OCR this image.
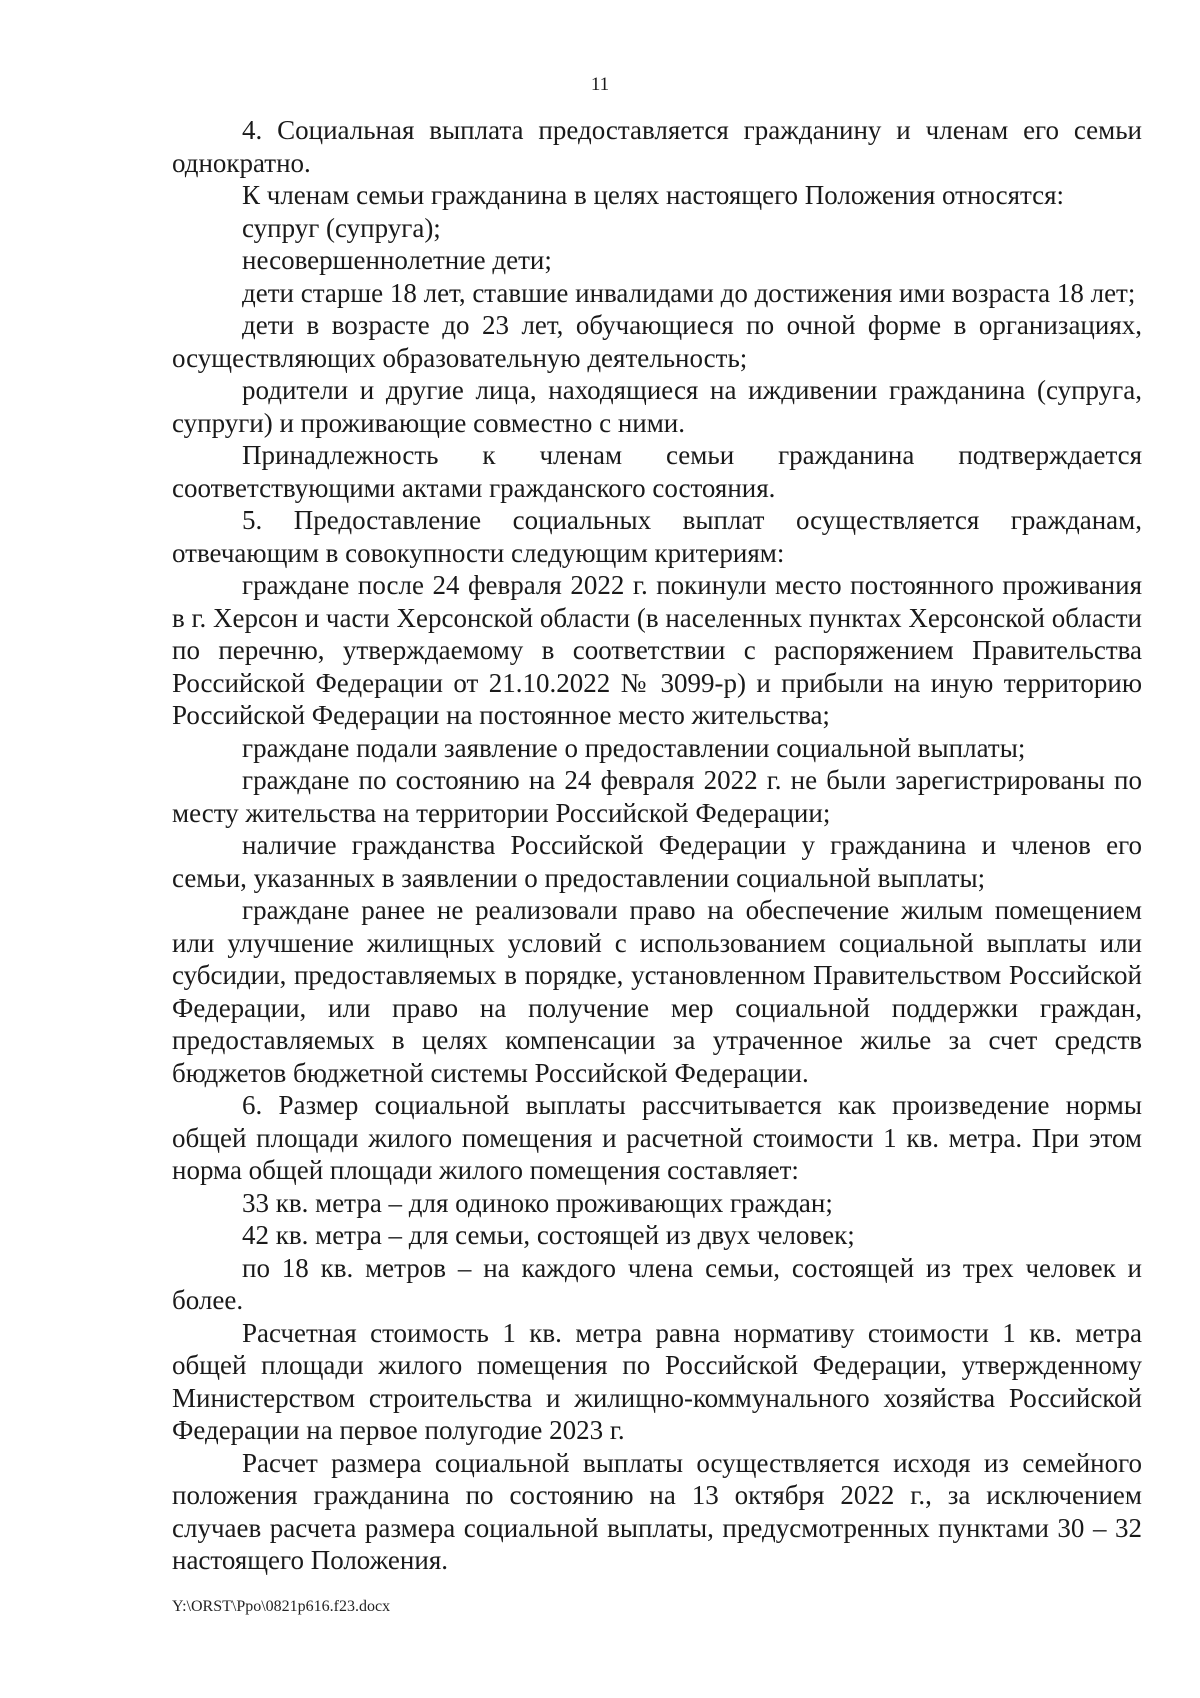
11

4. Социальная выплата предоставляется гражданину и членам его семьи однократно.

К членам семьи гражданина в целях настоящего Положения относятся:

супруг (супруга);

несовершеннолетние дети;

дети старше 18 лет, ставшие инвалидами до достижения ими возраста 18 лет;

дети в возрасте до 23 лет, обучающиеся по очной форме в организациях, осуществляющих образовательную деятельность;

родители и другие лица, находящиеся на иждивении гражданина (супруга, супруги) и проживающие совместно с ними.

Принадлежность к членам семьи гражданина подтверждается соответствующими актами гражданского состояния.

5. Предоставление социальных выплат осуществляется гражданам, отвечающим в совокупности следующим критериям:

граждане после 24 февраля 2022 г. покинули место постоянного проживания в г. Херсон и части Херсонской области (в населенных пунктах Херсонской области по перечню, утверждаемому в соответствии с распоряжением Правительства Российской Федерации от 21.10.2022 № 3099-р) и прибыли на иную территорию Российской Федерации на постоянное место жительства;

граждане подали заявление о предоставлении социальной выплаты;

граждане по состоянию на 24 февраля 2022 г. не были зарегистрированы по месту жительства на территории Российской Федерации;

наличие гражданства Российской Федерации у гражданина и членов его семьи, указанных в заявлении о предоставлении социальной выплаты;

граждане ранее не реализовали право на обеспечение жилым помещением или улучшение жилищных условий с использованием социальной выплаты или субсидии, предоставляемых в порядке, установленном Правительством Российской Федерации, или право на получение мер социальной поддержки граждан, предоставляемых в целях компенсации за утраченное жилье за счет средств бюджетов бюджетной системы Российской Федерации.

6. Размер социальной выплаты рассчитывается как произведение нормы общей площади жилого помещения и расчетной стоимости 1 кв. метра. При этом норма общей площади жилого помещения составляет:

33 кв. метра – для одиноко проживающих граждан;

42 кв. метра – для семьи, состоящей из двух человек;

по 18 кв. метров – на каждого члена семьи, состоящей из трех человек и более.

Расчетная стоимость 1 кв. метра равна нормативу стоимости 1 кв. метра общей площади жилого помещения по Российской Федерации, утвержденному Министерством строительства и жилищно-коммунального хозяйства Российской Федерации на первое полугодие 2023 г.

Расчет размера социальной выплаты осуществляется исходя из семейного положения гражданина по состоянию на 13 октября 2022 г., за исключением случаев расчета размера социальной выплаты, предусмотренных пунктами 30 – 32 настоящего Положения.

Y:\ORST\Ppo\0821p616.f23.docx
